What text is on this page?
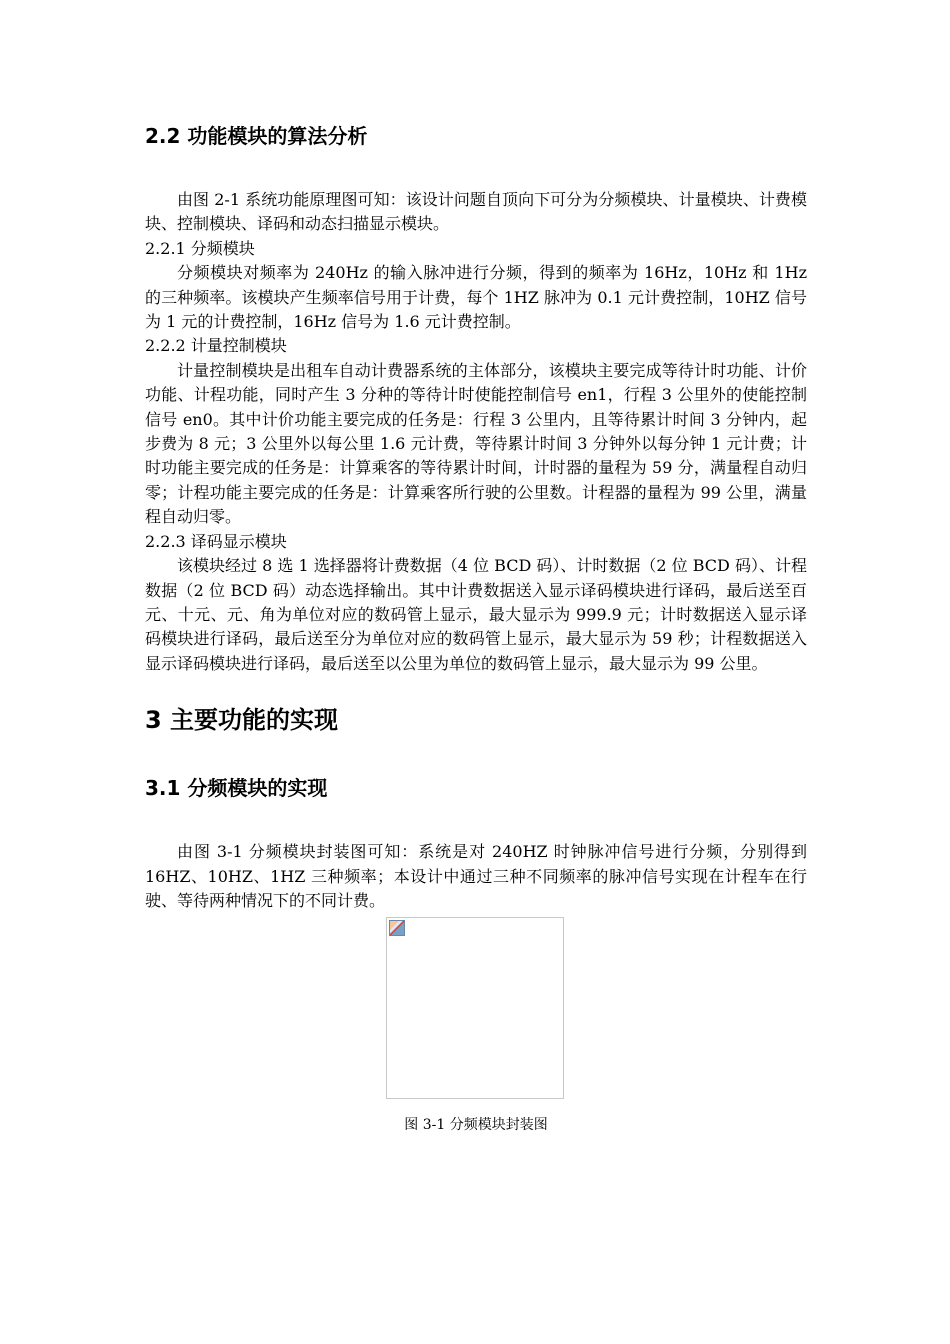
2.2 功能模块的算法分析

由图 2-1 系统功能原理图可知：该设计问题自顶向下可分为分频模块、计量模块、计费模块、控制模块、译码和动态扫描显示模块。

2.2.1 分频模块

分频模块对频率为 240Hz 的输入脉冲进行分频，得到的频率为 16Hz，10Hz 和 1Hz 的三种频率。该模块产生频率信号用于计费，每个 1HZ 脉冲为 0.1 元计费控制，10HZ 信号为 1 元的计费控制，16Hz 信号为 1.6 元计费控制。

2.2.2 计量控制模块

计量控制模块是出租车自动计费器系统的主体部分，该模块主要完成等待计时功能、计价功能、计程功能，同时产生 3 分种的等待计时使能控制信号 en1，行程 3 公里外的使能控制信号 en0。其中计价功能主要完成的任务是：行程 3 公里内，且等待累计时间 3 分钟内，起步费为 8 元；3 公里外以每公里 1.6 元计费，等待累计时间 3 分钟外以每分钟 1 元计费；计时功能主要完成的任务是：计算乘客的等待累计时间，计时器的量程为 59 分，满量程自动归零；计程功能主要完成的任务是：计算乘客所行驶的公里数。计程器的量程为 99 公里，满量程自动归零。

2.2.3 译码显示模块

该模块经过 8 选 1 选择器将计费数据（4 位 BCD 码）、计时数据（2 位 BCD 码）、计程数据（2 位 BCD 码）动态选择输出。其中计费数据送入显示译码模块进行译码，最后送至百元、十元、元、角为单位对应的数码管上显示，最大显示为 999.9 元；计时数据送入显示译码模块进行译码，最后送至分为单位对应的数码管上显示，最大显示为 59 秒；计程数据送入显示译码模块进行译码，最后送至以公里为单位的数码管上显示，最大显示为 99 公里。

3 主要功能的实现
3.1 分频模块的实现

由图 3-1 分频模块封装图可知：系统是对 240HZ 时钟脉冲信号进行分频，分别得到 16HZ、10HZ、1HZ 三种频率；本设计中通过三种不同频率的脉冲信号实现在计程车在行驶、等待两种情况下的不同计费。

图 3-1 分频模块封装图
